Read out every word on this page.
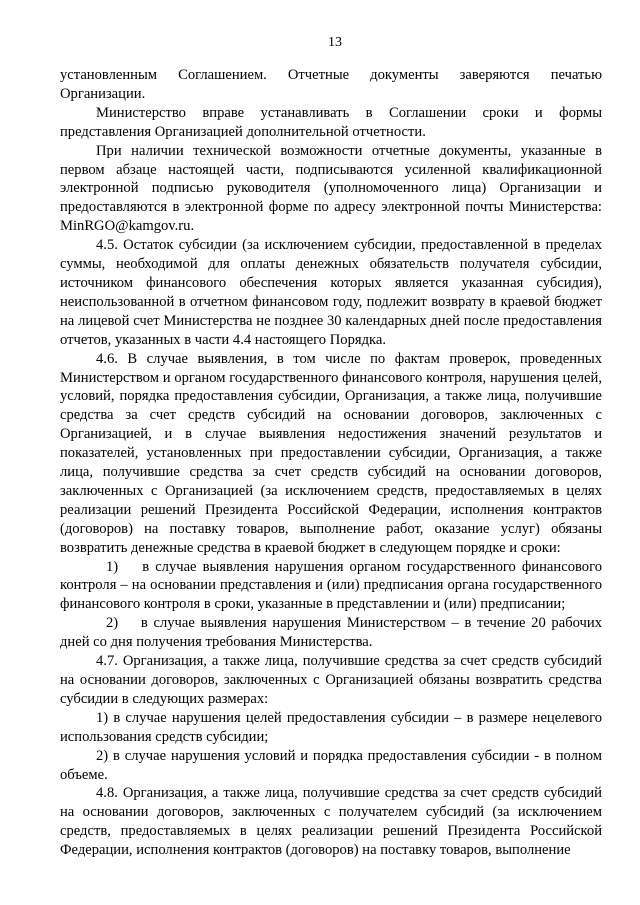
13

установленным Соглашением. Отчетные документы заверяются печатью Организации.

Министерство вправе устанавливать в Соглашении сроки и формы представления Организацией дополнительной отчетности.

При наличии технической возможности отчетные документы, указанные в первом абзаце настоящей части, подписываются усиленной квалификационной электронной подписью руководителя (уполномоченного лица) Организации и предоставляются в электронной форме по адресу электронной почты Министерства: MinRGO@kamgov.ru.

4.5. Остаток субсидии (за исключением субсидии, предоставленной в пределах суммы, необходимой для оплаты денежных обязательств получателя субсидии, источником финансового обеспечения которых является указанная субсидия), неиспользованной в отчетном финансовом году, подлежит возврату в краевой бюджет на лицевой счет Министерства не позднее 30 календарных дней после предоставления отчетов, указанных в части 4.4 настоящего Порядка.

4.6. В случае выявления, в том числе по фактам проверок, проведенных Министерством и органом государственного финансового контроля, нарушения целей, условий, порядка предоставления субсидии, Организация, а также лица, получившие средства за счет средств субсидий на основании договоров, заключенных с Организацией, и в случае выявления недостижения значений результатов и показателей, установленных при предоставлении субсидии, Организация, а также лица, получившие средства за счет средств субсидий на основании договоров, заключенных с Организацией (за исключением средств, предоставляемых в целях реализации решений Президента Российской Федерации, исполнения контрактов (договоров) на поставку товаров, выполнение работ, оказание услуг) обязаны возвратить денежные средства в краевой бюджет в следующем порядке и сроки:

1)    в случае выявления нарушения органом государственного финансового контроля – на основании представления и (или) предписания органа государственного финансового контроля в сроки, указанные в представлении и (или) предписании;

2)    в случае выявления нарушения Министерством – в течение 20 рабочих дней со дня получения требования Министерства.

4.7. Организация, а также лица, получившие средства за счет средств субсидий на основании договоров, заключенных с Организацией обязаны возвратить средства субсидии в следующих размерах:

1) в случае нарушения целей предоставления субсидии – в размере нецелевого использования средств субсидии;

2) в случае нарушения условий и порядка предоставления субсидии - в полном объеме.

4.8. Организация, а также лица, получившие средства за счет средств субсидий на основании договоров, заключенных с получателем субсидий (за исключением средств, предоставляемых в целях реализации решений Президента Российской Федерации, исполнения контрактов (договоров) на поставку товаров, выполнение
